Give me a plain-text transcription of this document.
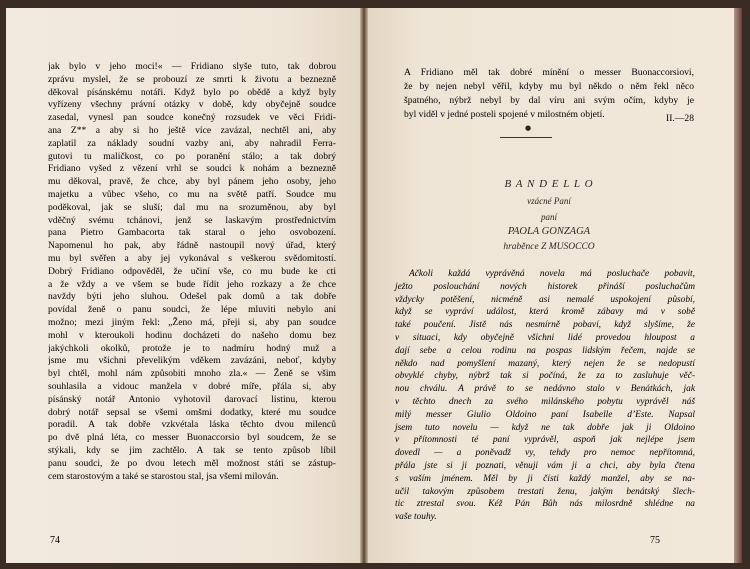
jak bylo v jeho moci!« — Fridiano slyše tuto, tak dobrou
zprávu myslel, že se probouzí ze smrti k životu a beznezně
děkoval písánskému notáři. Když bylo po obědě a když byly
vyřízeny všechny právní otázky v době, kdy obyčejně soudce
zasedal, vynesl pan soudce konečný rozsudek ve věci Fridi-
ana Z** a aby si ho ještě více zavázal, nechtěl ani, aby
zaplatil za náklady soudní vazby ani, aby nahradil Ferra-
gutovi tu maličkost, co po poranění stálo; a tak dobrý
Fridiano vyšed z vězení vrhl se soudci k nohám a beznezně
mu děkoval, pravě, že chce, aby byl pánem jeho osoby, jeho
majetku a vůbec všeho, co mu na světě patří. Soudce mu
poděkoval, jak se sluší; dal mu na srozuměnou, aby byl
vděčný svému tchánovi, jenž se laskavým prostřednictvím
pana Pietro Gambacorta tak staral o jeho osvobození.
Napomenul ho pak, aby řádně nastoupil nový úřad, který
mu byl svěřen a aby jej vykonával s veškerou svědomitostí.
Dobrý Fridiano odpověděl, že učiní vše, co mu bude ke cti
a že vždy a ve všem se bude řídit jeho rozkazy a že chce
navždy býti jeho sluhou. Odešel pak domů a tak dobře
povídal ženě o panu soudci, že lépe mluviti nebylo ani
možno; mezi jiným řekl: „Ženo má, přeji si, aby pan soudce
mohl v kteroukoli hodinu docházeti do našeho domu bez
jakýchkoli okolků, protože je to nadmíru hodný muž a
jsme mu všichni převelikým vděkem zavázáni, neboť, kdyby
byl chtěl, mohl nám způsobiti mnoho zla.« — Ženě se všim
souhlasila a vidouc manžela v dobré míře, přála si, aby
písánský notář Antonio vyhotovil darovací listinu, kterou
dobrý notář sepsal se všemi omšmi dodatky, které mu soudce
poradil. A tak dobře vzkvétala láska těchto dvou milenců
po dvě plná léta, co messer Buonaccorsio byl soudcem, že se
stýkali, kdy se jim zachtělo. A tak se tento způsob líbil
panu soudci, že po dvou letech měl možnost státi se zástup-
cem starostovým a také se starostou stal, jsa všemi milován.
74
A Fridiano měl tak dobré mínění o messer Buonaccorsiovi,
že by nejen nebyl věřil, kdyby mu byl někdo o něm řekl něco
špatného, nýbrž nebyl by dal víru ani svým očím, kdyby je
byl viděl v jedné posteli spojené v milostném objetí.	II.—28
●
B A N D E L L O
vzácné Paní
paní
PAOLA GONZAGA
hraběnce Z MUSOCCO
Ačkoli každá vyprávěná novela má posluchače pobavit,
ježto poslouchání nových historek přináší posluchačům
vždycky potěšení, nicméně asi nemalé uspokojení působí,
když se vypráví událost, která kromě zábavy má v sobě
také poučení. Jistě nás nesmírně pobaví, když slyšíme, že
v situaci, kdy obyčejně všichni lidé provedou hloupost a
dají sebe a celou rodinu na pospas lidským řečem, najde se
někdo nad pomyšlení mazaný, který nejen že se nedopustí
obvyklé chyby, nýbrž tak si počíná, že za to zasluhuje věč-
nou chválu. A právě to se nedávno stalo v Benátkách, jak
v těchto dnech za svého milánského pobytu vyprávěl náš
milý messer Giulio Oldoino paní Isabelle d’Este. Napsal
jsem tuto novelu — když ne tak dobře jak ji Oldoino
v přítomnosti té paní vyprávěl, aspoň jak nejlépe jsem
dovedl — a poněvadž vy, tehdy pro nemoc nepřítomná,
přála jste si ji poznati, věnuji vám ji a chci, aby byla čtena
s vaším jménem. Měl by ji čísti každý manžel, aby se na-
učil takovým způsobem trestati ženu, jakým benátský šlech-
tic ztrestal svou. Kéž Pán Bůh nás milosrdně shlédne na
vaše touhy.
75
